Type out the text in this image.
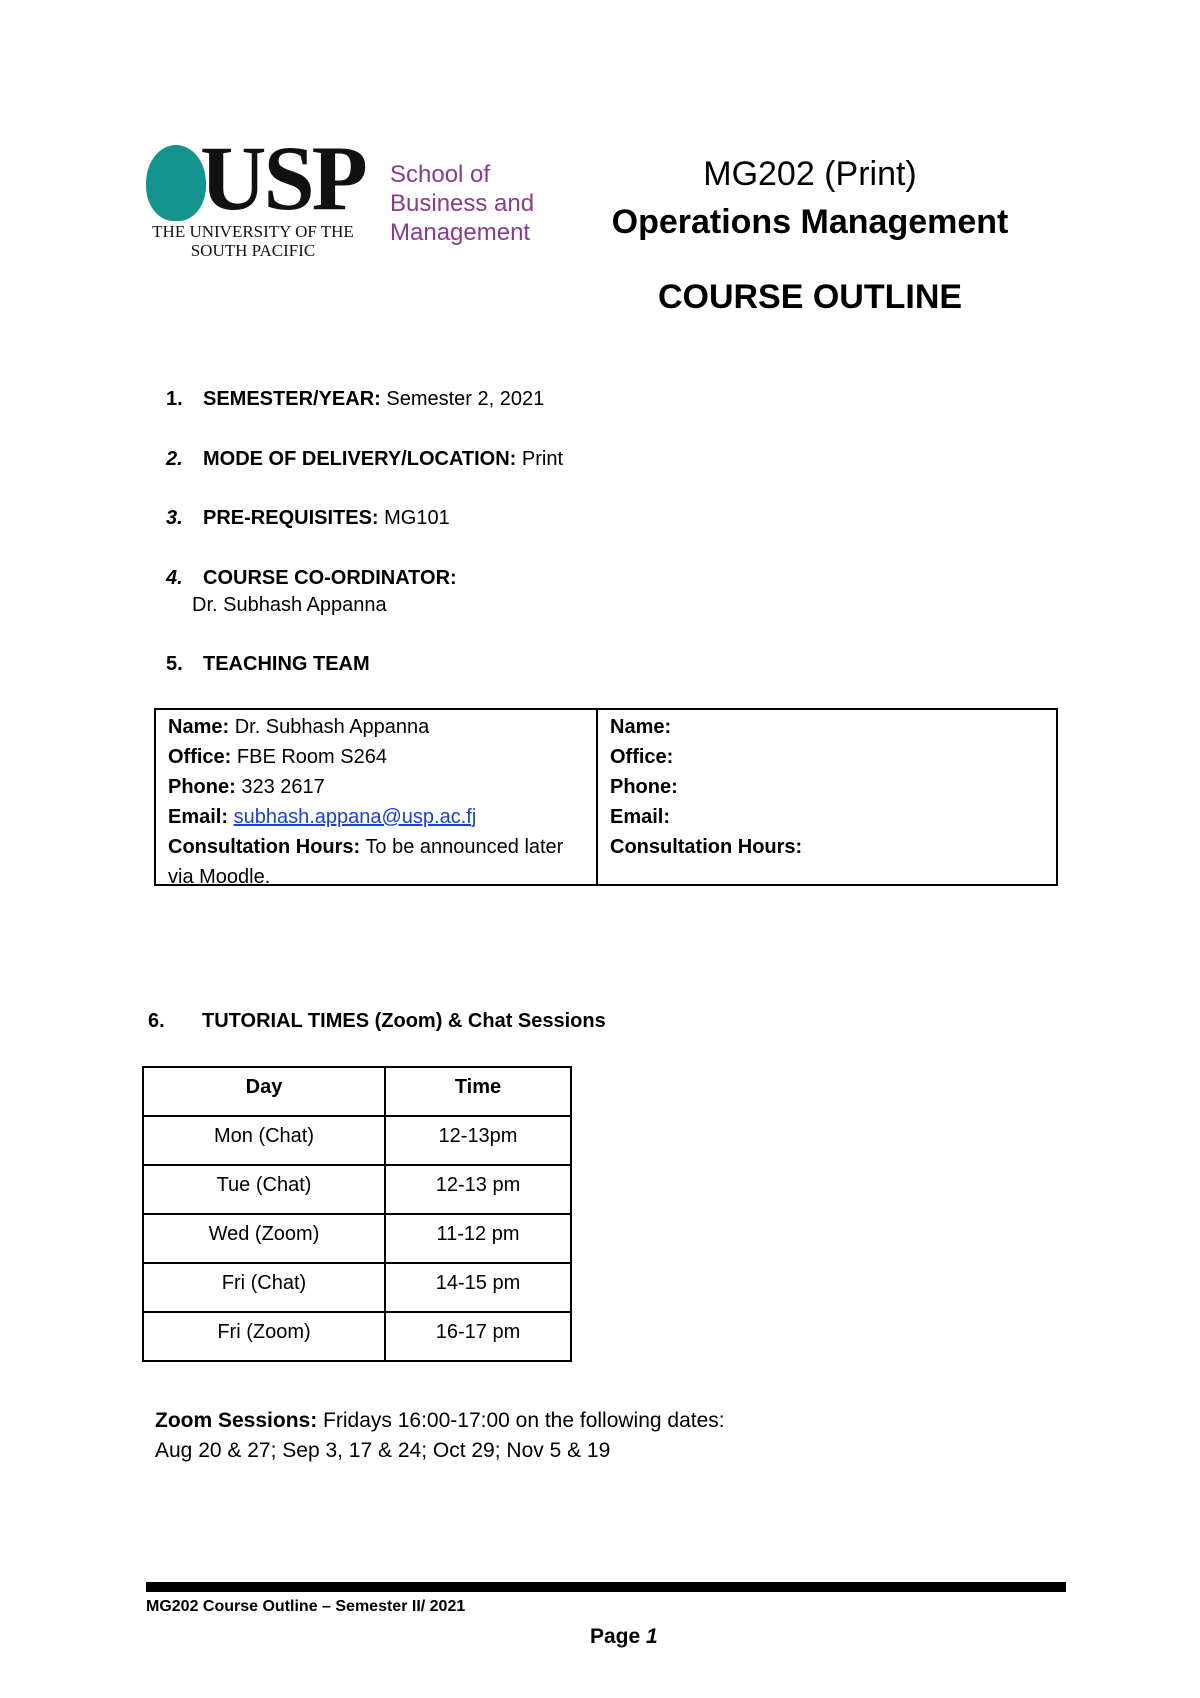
USP
THE UNIVERSITY OF THE
SOUTH PACIFIC
School of
Business and
Management
MG202 (Print)
Operations Management
COURSE OUTLINE
1. SEMESTER/YEAR: Semester 2, 2021
2. MODE OF DELIVERY/LOCATION: Print
3. PRE-REQUISITES: MG101
4. COURSE CO-ORDINATOR:
Dr. Subhash Appanna
5. TEACHING TEAM
Name: Dr. Subhash Appanna
Office: FBE Room S264
Phone: 323 2617
Email: subhash.appana@usp.ac.fj
Consultation Hours: To be announced later via Moodle.
Name:
Office:
Phone:
Email:
Consultation Hours:
6. TUTORIAL TIMES (Zoom) & Chat Sessions
Day	Time
Mon (Chat)	12-13pm
Tue (Chat)	12-13 pm
Wed (Zoom)	11-12 pm
Fri (Chat)	14-15 pm
Fri (Zoom)	16-17 pm
Zoom Sessions: Fridays 16:00-17:00 on the following dates:
Aug 20 & 27; Sep 3, 17 & 24; Oct 29; Nov 5 & 19
MG202 Course Outline – Semester II/ 2021
Page 1
